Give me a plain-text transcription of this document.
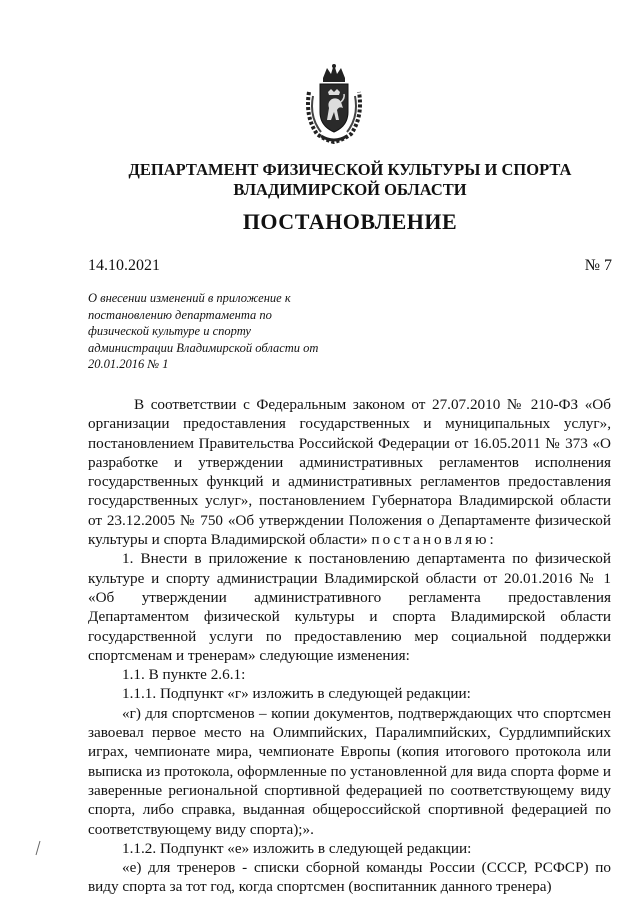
ДЕПАРТАМЕНТ ФИЗИЧЕСКОЙ КУЛЬТУРЫ И СПОРТА
ВЛАДИМИРСКОЙ ОБЛАСТИ
ПОСТАНОВЛЕНИЕ
14.10.2021	№ 7
О внесении изменений в приложение к постановлению департамента по физической культуре и спорту администрации Владимирской области от 20.01.2016 № 1

В соответствии с Федеральным законом от 27.07.2010 № 210-ФЗ «Об организации предоставления государственных и муниципальных услуг», постановлением Правительства Российской Федерации от 16.05.2011 № 373 «О разработке и утверждении административных регламентов исполнения государственных функций и административных регламентов предоставления государственных услуг», постановлением Губернатора Владимирской области от 23.12.2005 № 750 «Об утверждении Положения о Департаменте физической культуры и спорта Владимирской области» постановляю:

1. Внести в приложение к постановлению департамента по физической культуре и спорту администрации Владимирской области от 20.01.2016 № 1 «Об утверждении административного регламента предоставления Департаментом физической культуры и спорта Владимирской области государственной услуги по предоставлению мер социальной поддержки спортсменам и тренерам» следующие изменения:

1.1. В пункте 2.6.1:

1.1.1. Подпункт «г» изложить в следующей редакции:

«г) для спортсменов – копии документов, подтверждающих что спортсмен завоевал первое место на Олимпийских, Паралимпийских, Сурдлимпийских играх, чемпионате мира, чемпионате Европы (копия итогового протокола или выписка из протокола, оформленные по установленной для вида спорта форме и заверенные региональной спортивной федерацией по соответствующему виду спорта, либо справка, выданная общероссийской спортивной федерацией по соответствующему виду спорта);».

1.1.2. Подпункт «е» изложить в следующей редакции:

«е) для тренеров - списки сборной команды России (СССР, РСФСР) по виду спорта за тот год, когда спортсмен (воспитанник данного тренера)
